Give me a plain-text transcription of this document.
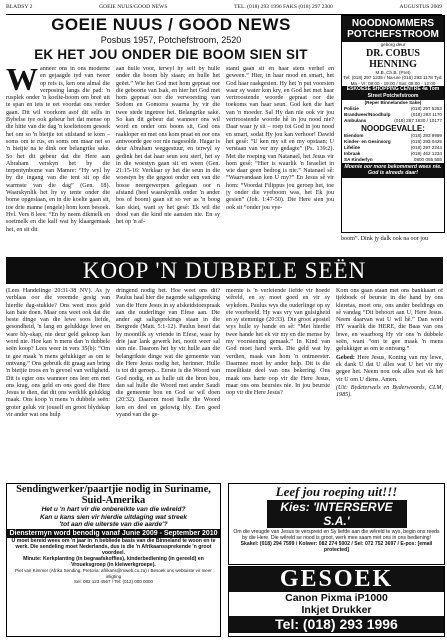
BLADSY 2	GOEIE NUUS/GOOD NEWS	TEL. (018) 293 1996 FAKS (018) 297 2300	AUGUSTUS 2009
GOEIE NUUS / GOOD NEWS
Posbus 1957, Potchefstroom, 2520
EK HET JOU ONDER DIE BOOM SIEN SIT
W anneer ons in ons moderne en gejaagde tyd van tweer op reis is, ken ons almal die verposing langs die pad: 'n rusplek onder 'n koelte-boom om breë uit te span en iets te eet voordat ons verder gaan. Dit wil voorkom asof dit selfs in Bybelse tye ook gebeur het dat mense op die hitte van die dag 'n koeltetoom gesoek het om so 'n bietjie tot stilstand te kom – soms om te rus, en soms om maar net so 'n bietjie na te dink oor belangrike sake. So het dit gebeur dat die Here aan Abraham verskyn het by die terpentynbome van Mamre: “Hy wyl hy by die ingang van die tent sit op die warmste van die dag” (Gen. 18). Waarskynlik het hy sy tente onder die bome opgeslaan, en in die koelte gaan sit, toe drie manne (engele) hom kom besoek. Hvl. Vers 8 lees: “En hy neem dikmelk en soetmelk en die kalf wat hy klaargemaak het, en sit dit
aan hulle voor, terwyl hy self by hulle onder die boom bly staan; en hulle het geëet.” Wie het God met hom gepraat oor die geboorte van Isak, en hier het God met hom gepraat oor die verwoesting van Sodom en Gomorra waarna hy vir die twee stede ingetree het. Belangrike sake. So kan dit gebeur dat wanneer ons wil word en onder ons boom sit, God ons raakloper en met ons kom praat en oor ons antwoorde gee oor nie nagesolde. Hagar is deur Abraham weggestuur, en terwyl sy gedink het dat haar seun sou sterf, het sy in die woestyn gaan sit en ween (Gen. 21:15-16: Verklaar sy het die seun in die woestyn by die gegooi onder een van die bosse neergewerpen gelegaan oor n afstand (heel waarskynlik onder 'n ander bos of boom) gaan sit so ver as 'n boog kan skiet, want sy het gesê: Ek wil die dood van die kind nie aansien nie. En sy het op 'n af-
stand gaan sit en haar stem verhef en geween.” Hier, in haar nood en smart, het God haar raakgesien. Hy het 'n put voorsien waar sy water kon kry, en God het met haar vertroostende woorde gepraat oor die toekoms van haar seun. God ken die hart van 'n moeder. Sal Hy dan nie ook vir jou vertroostende woorde hê in jou nood nie? Daar waar jy sit – roep tot God in jou nood en smart, sodat Hy jou kan verhoor! Dawid het gesê: “U ken my sit en my opstaan; U verstaan van ver my gedagte” (Ps. 139:2). Met die roeping van Natanael, het Jesus vir hom gesê: “Hier is waarlik 'n Israeliet in wie daar geen bedrog is nie.” Natanael sê: “Waarvandaan ken U my?” En Jesus sê vir hom: “Voordat Filippus jou geroep het, toe jy onder die vyeboom was, het Ek jou gesien” (Joh. 1:47-50). Die Here sien jou ook sit “onder jou vye-
NOODNOMMERS POTCHEFSTROOM
geborg deur
DR. COBUS HENNING
M.B.,Ch.B. (Pret)
Tel: (018) 297 1235 / Na-ure (018) 293 1178 Tyd: Ma - Vr: 08:00 - 19:00 / Sat: 08:00 - 12:00
ESKOESE SHOPPING CENTRE 4a Tom Street Potchefstroom
(Reper Binnelandse Sake)
Polisie	(018) 297 5253
Brandweer/Noodhulp	(018) 293 1170
Ambulans	(018) 297 1630 / 10177
NOODGEVALLE:
Eiendom	(018) 293 9999
Kinder- en Gesinsorg	(018) 293 0425
Lifeline	(018) 297 2244
Inbraak	(018) 462 1234
SA Kinderlyn	0800 055 555
Moenie oor more bekommerd wees nie. God is alreeds daar!
boom”. Dink jy dalk ook na oor jou
KOOP 'N DUBBELE SEËN
(Lees Handelinge 20:31-38 NV). As jy verblaas oor die vreemde gesig van hierdie dag-stukkie? Ons weet mos geld kan baie doen. Maar ons weet ook dat die beste dinge van die lewe soos liefde, gesondheid, 'n lang en gelukkige lewe en ware bly-skap, nie deur geld gekoop kan word nie. Hoe kan 'n mens dan 'n dubbele seën koop? Lees weer in vers 35(b): “Om te gee maak 'n mens gelukkiger as om te ontvang.” Ons gebruik dit graag aan bring 'n bietjie troos en 'n gevoel van veiligheid. Dit is egter ons wanneer ons leer em met ons krag, ons geld en ons goed die Here Jesus te dien, dat dit ons werklik gelukkig maak. Ons koop 'n mens 'n dubbele seën: groter geluk vir jouself en groot blydskap vir ander wat ons hulp
dringend nodig het. Hoe weet ons dit? Paulus haal hier die nagende saligspreking van die Here Jesus in sy afskeidstoespraak aan die ouderlinge van Efese aan. Die ander agt saligsprekings staan in die Bergrede (Matt. 5:1-12). Paulus besef dat hy moontlik sy vriende in Efese, waar hy drie jaar lank gewerk het, nooit weer sal sien nie. Daarom het hy vir hulle aan die belangrikste dinge wat die gemeente van die Here Jesus nodig het, herinner. Hulle is tot dit geroep... Eerste is die Woord van God nodig, en as hulle uit die bron bou, dan sal hulle die Woord met ander Saudi die gemeente bou en God se wil doen (20:32). Daarom moet hulle die Woord ken en deel en gelowig bly. Een goed vyand van die ge-
meente is 'n verleiende liefde vir hoede wêreld, en sy moet goed en vir sy wykdom. Paulus wys die ouderlinge op sy eie voorbeeld. Hy was vry van gulsigheid en sy stemmige (20:33). Die groot apostel wys hulle sy hande en sê: “Met hierdie twee hande het ek vir my en die mense by my voorsiening gemaak.” In Kind van God moet hard werk. Die geld wat hy verdien, maak van hom 'n ontmeester. Daarmee moet hy ander help. Dit is die moeilikste deel van ons bekering. Ons maak ons harte oop vir die Here Jesus, maar ons ons beursies nie. In jou beursie oop vir die Here Jesus?

Kom ons gaan staan met ons bankkaart of tjekboek of beursie in die hand by ons kleretas, moet ons, ons ander beeldings en sê vandag “Dit behoort aan U, Here Jesus. Neem daarvan wat U wil hê.” Dan word HY waarlik die HERE, die Baas van ons lewe, en waarborg Hy vir ons 'n dubbele seën, want “om te gee maak 'n mens gelukkiger as om te ontvang.”

Gebed: Here Jesus, Koning van my lewe, ek dank U dat U alles wat U het vir my gegee het. Neem nou ook alles wat ek het vir U om U diens. Amen.

(Uit: Bydeterwels en Byderwoords, CLM, 1985).

Sendingwerker/paartjie nodig in Suriname, Suid-Amerika
Het u 'n hart vir die onbereikte van die wêreld?
Kan u kans sien vir hierdie uitdaging wat streek
'tot aan die uiterste van die aarde'?
Dienstermyn word benodig vanaf Junie 2009 - September 2010
U moet bereid wees om 'n jaar in 'n bebliede basis van die Binneland te woon en te werk. Die sendeling moet Nederlands, dus is die 'n Afrikaanssprekende 'n groot voordeel.
Minute: Kerkplanting (in begraafskoffies), kinderbediening (in gereeld) en Vroueksgroep (in kleiwerkgroepe).
Piet van Kimmer (Afrika Sending, Pretoria: afrikans@mweb.co.za) / Besoek ons webtuiste vir meer inligting
Sel: 082 123 4567 / Tel: (012) 000 0000
Leef jou roeping uit!!!
Kies: 'INTERSERVE S.A.'
Om die vreugde van Jesus te verspreid en Sy liefde aan die wêreld te wys, begin ons reeds by die Here. Die wêreld se nood is groot, werk mee saam met ons in ons bediening!
Skakel: (018) 294 7599 / Kolwer: 082 274 5002 / Sel: 072 752 3697 / E-pos: [email protected]
GESOEK
Canon Pixma iP1000
Inkjet Drukker
Tel: (018) 293 1996
